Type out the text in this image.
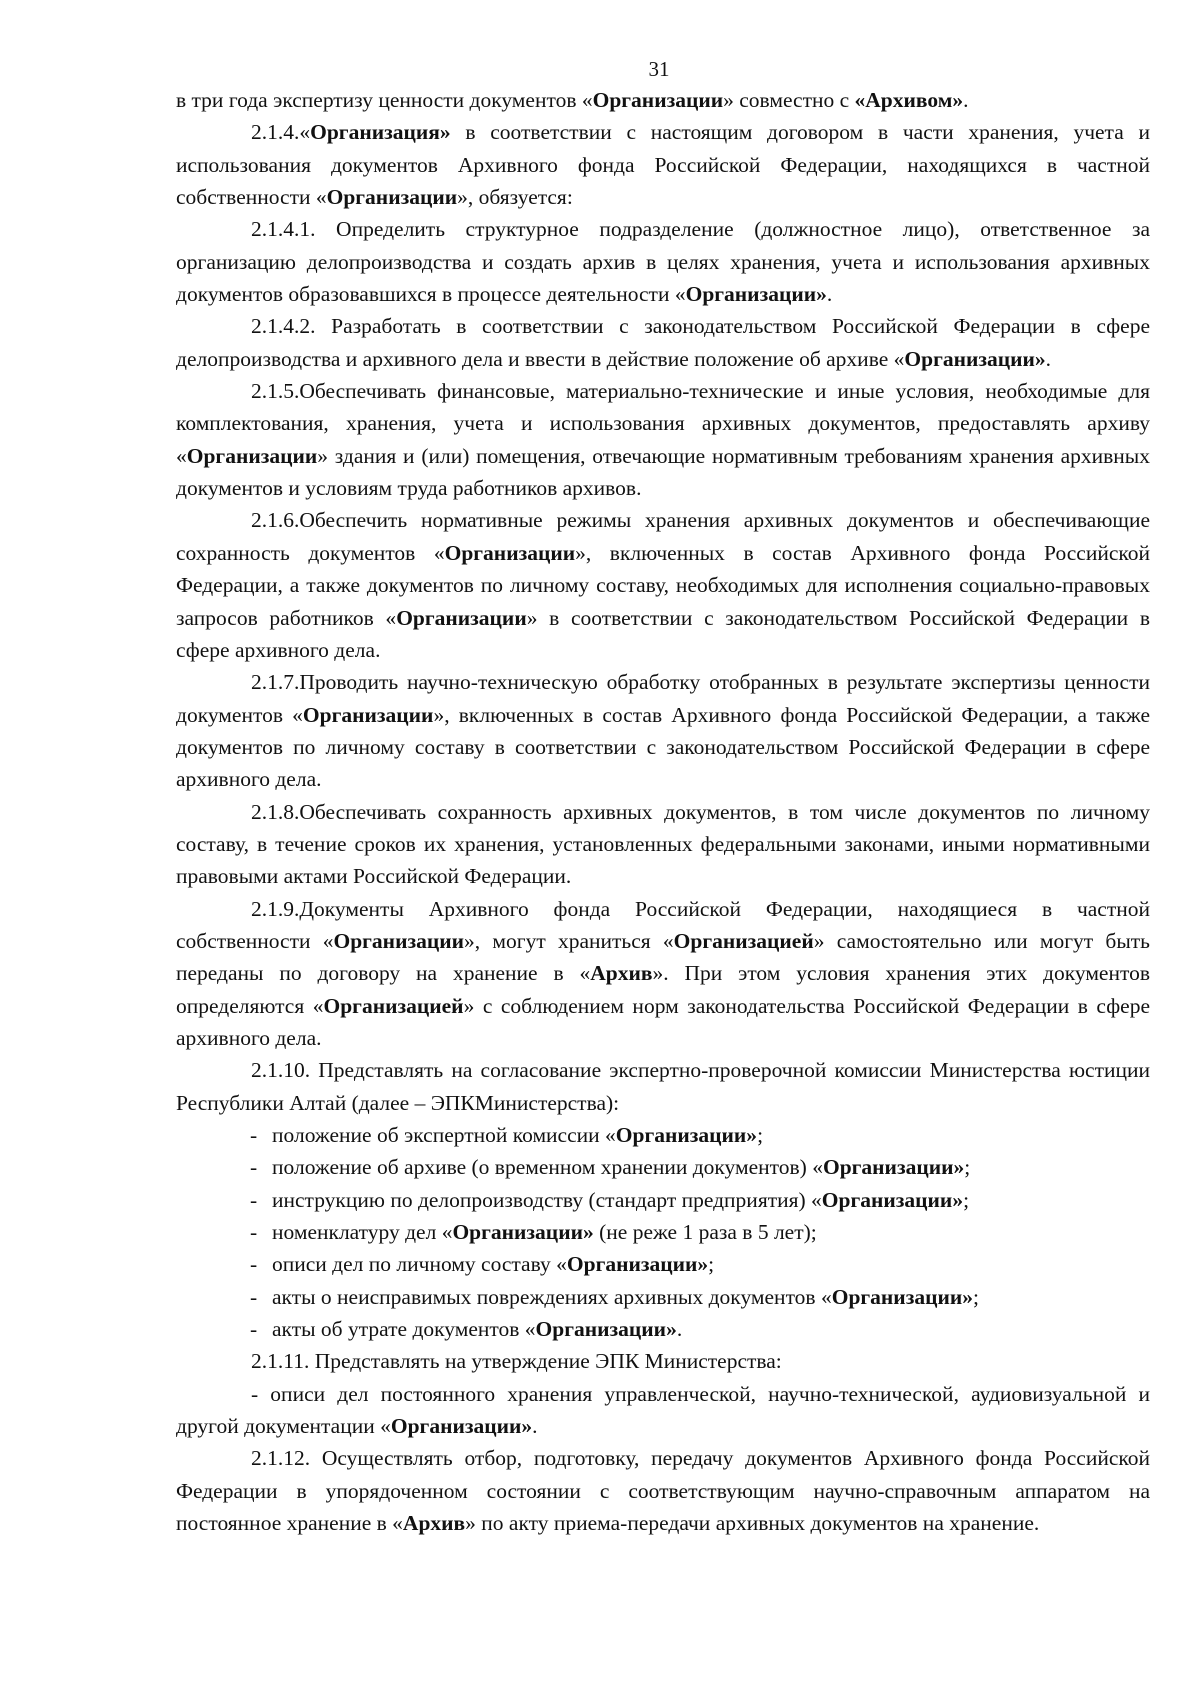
31

в три года экспертизу ценности документов «Организации» совместно с «Архивом».

2.1.4.«Организация» в соответствии с настоящим договором в части хранения, учета и использования документов Архивного фонда Российской Федерации, находящихся в частной собственности «Организации», обязуется:

2.1.4.1. Определить структурное подразделение (должностное лицо), ответственное за организацию делопроизводства и создать архив в целях хранения, учета и использования архивных документов образовавшихся в процессе деятельности «Организации».

2.1.4.2. Разработать в соответствии с законодательством Российской Федерации в сфере делопроизводства и архивного дела и ввести в действие положение об архиве «Организации».

2.1.5.Обеспечивать финансовые, материально-технические и иные условия, необходимые для комплектования, хранения, учета и использования архивных документов, предоставлять архиву «Организации» здания и (или) помещения, отвечающие нормативным требованиям хранения архивных документов и условиям труда работников архивов.

2.1.6.Обеспечить нормативные режимы хранения архивных документов и обеспечивающие сохранность документов «Организации», включенных в состав Архивного фонда Российской Федерации, а также документов по личному составу, необходимых для исполнения социально-правовых запросов работников «Организации» в соответствии с законодательством Российской Федерации в сфере архивного дела.

2.1.7.Проводить научно-техническую обработку отобранных в результате экспертизы ценности документов «Организации», включенных в состав Архивного фонда Российской Федерации, а также документов по личному составу в соответствии с законодательством Российской Федерации в сфере архивного дела.

2.1.8.Обеспечивать сохранность архивных документов, в том числе документов по личному составу, в течение сроков их хранения, установленных федеральными законами, иными нормативными правовыми актами Российской Федерации.

2.1.9.Документы Архивного фонда Российской Федерации, находящиеся в частной собственности «Организации», могут храниться «Организацией» самостоятельно или могут быть переданы по договору на хранение в «Архив». При этом условия хранения этих документов определяются «Организацией» с соблюдением норм законодательства Российской Федерации в сфере архивного дела.

2.1.10. Представлять на согласование экспертно-проверочной комиссии Министерства юстиции Республики Алтай (далее – ЭПКМинистерства):

- положение об экспертной комиссии «Организации»;

- положение об архиве (о временном хранении документов) «Организации»;

- инструкцию по делопроизводству (стандарт предприятия) «Организации»;

- номенклатуру дел «Организации» (не реже 1 раза в 5 лет);

- описи дел по личному составу «Организации»;

- акты о неисправимых повреждениях архивных документов «Организации»;

- акты об утрате документов «Организации».

2.1.11. Представлять на утверждение ЭПК Министерства:

- описи дел постоянного хранения управленческой, научно-технической, аудиовизуальной и другой документации «Организации».

2.1.12. Осуществлять отбор, подготовку, передачу документов Архивного фонда Российской Федерации в упорядоченном состоянии с соответствующим научно-справочным аппаратом на постоянное хранение в «Архив» по акту приема-передачи архивных документов на хранение.
